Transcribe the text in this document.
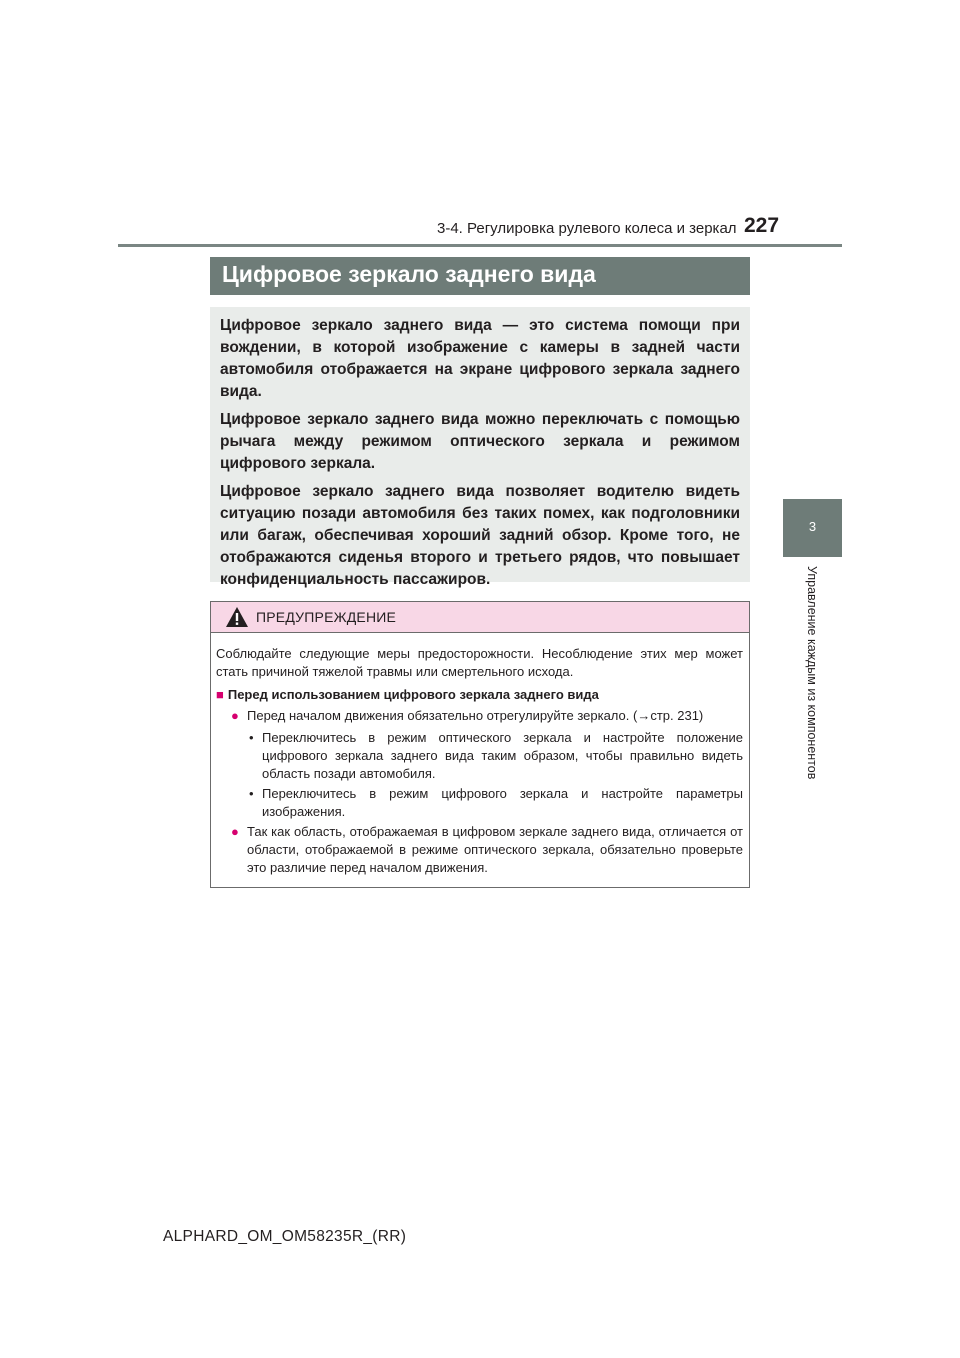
3-4. Регулировка рулевого колеса и зеркал 227
3
Управление каждым из компонентов
Цифровое зеркало заднего вида

Цифровое зеркало заднего вида — это система помощи при вождении, в которой изображение с камеры в задней части автомобиля отображается на экране цифрового зеркала заднего вида.

Цифровое зеркало заднего вида можно переключать с помощью рычага между режимом оптического зеркала и режимом цифрового зеркала.

Цифровое зеркало заднего вида позволяет водителю видеть ситуацию позади автомобиля без таких помех, как подголовники или багаж, обеспечивая хороший задний обзор. Кроме того, не отображаются сиденья второго и третьего рядов, что повышает конфиденциальность пассажиров.

ПРЕДУПРЕЖДЕНИЕ

Соблюдайте следующие меры предосторожности. Несоблюдение этих мер может стать причиной тяжелой травмы или смертельного исхода.

■ Перед использованием цифрового зеркала заднего вида

● Перед началом движения обязательно отрегулируйте зеркало. (→стр. 231)

• Переключитесь в режим оптического зеркала и настройте положение цифрового зеркала заднего вида таким образом, чтобы правильно видеть область позади автомобиля.

• Переключитесь в режим цифрового зеркала и настройте параметры изображения.

● Так как область, отображаемая в цифровом зеркале заднего вида, отличается от области, отображаемой в режиме оптического зеркала, обязательно проверьте это различие перед началом движения.

ALPHARD_OM_OM58235R_(RR)
